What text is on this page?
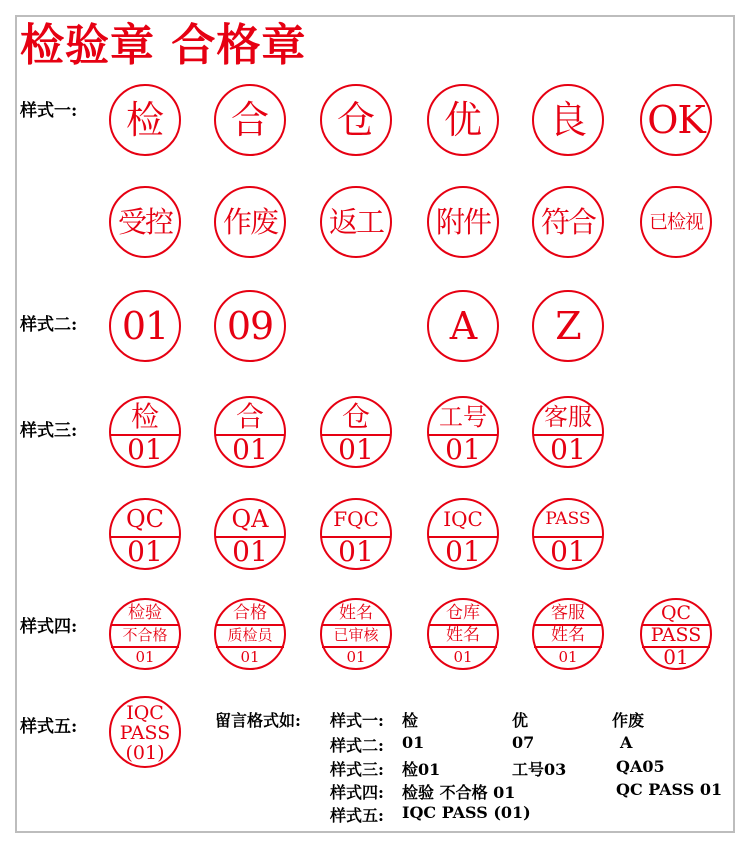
检验章 合格章
样式一:
样式二:
样式三:
样式四:
样式五:
检 合 仓 优 良 OK
受控 作废 返工 附件 符合	已检视
01 09	A Z
检
01
合
01
仓
01
工号
01
客服
01
QC
01
QA
01
FQC
01
IQC
01
PASS
01
检验
不合格
01
合格
质检员
01
姓名
已审核
01
仓库
姓名
01
客服
姓名
01
QC
PASS
01
IQC
PASS
(01)
留言格式如: 样式一: 检	优	作废
样式二: 01	07	A
样式三: 检01	工号03	QA05
样式四: 检验 不合格 01	QC PASS 01
样式五: IQC PASS (01)
